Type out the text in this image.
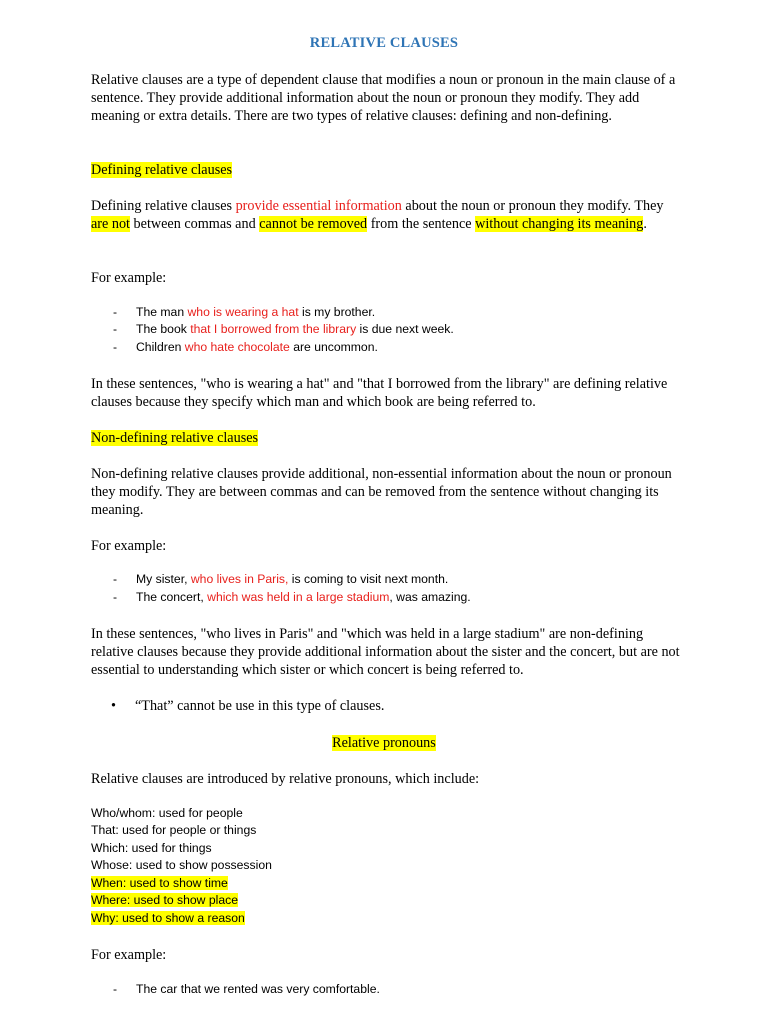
RELATIVE CLAUSES
Relative clauses are a type of dependent clause that modifies a noun or pronoun in the main clause of a sentence. They provide additional information about the noun or pronoun they modify. They add meaning or extra details. There are two types of relative clauses: defining and non-defining.
Defining relative clauses
Defining relative clauses provide essential information about the noun or pronoun they modify. They are not between commas and cannot be removed from the sentence without changing its meaning.
For example:
- The man who is wearing a hat is my brother.
- The book that I borrowed from the library is due next week.
- Children who hate chocolate are uncommon.
In these sentences, "who is wearing a hat" and "that I borrowed from the library" are defining relative clauses because they specify which man and which book are being referred to.
Non-defining relative clauses
Non-defining relative clauses provide additional, non-essential information about the noun or pronoun they modify. They are between commas and can be removed from the sentence without changing its meaning.
For example:
- My sister, who lives in Paris, is coming to visit next month.
- The concert, which was held in a large stadium, was amazing.
In these sentences, "who lives in Paris" and "which was held in a large stadium" are non-defining relative clauses because they provide additional information about the sister and the concert, but are not essential to understanding which sister or which concert is being referred to.
• “That” cannot be use in this type of clauses.
Relative pronouns
Relative clauses are introduced by relative pronouns, which include:
Who/whom: used for people
That: used for people or things
Which: used for things
Whose: used to show possession
When: used to show time
Where: used to show place
Why: used to show a reason
For example:
- The car that we rented was very comfortable.
